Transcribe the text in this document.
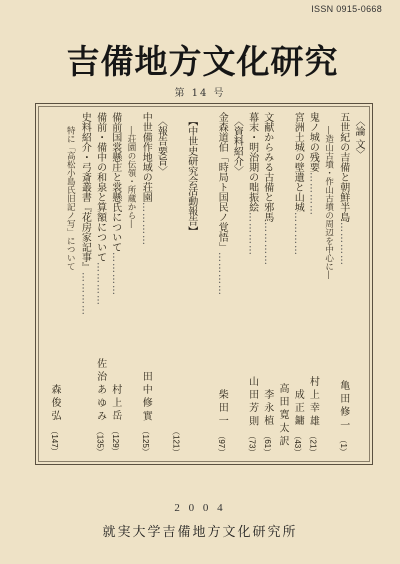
ISSN 0915-0668
吉備地方文化研究
第 14 号
〈論 文〉
五世紀の吉備と朝鮮半島…………
亀 田 修 一　（1）
―造山古墳・作山古墳の周辺を中心に―
鬼ノ城の残要…………
村 上 幸 雄　（21）
宮洲土城の壁遺と山城…………
成 正 鏞　（43）
高 田 寛 太 訳　
文献からみる古備と邪馬…………
李 永 植　（61）
幕末・明治期の咄振絵…………
山 田 芳 則　（73）
〈資料紹介〉
金森道伯「時局ト国民ノ覚悟」…………
柴 田 一　（97）
【中世史研究会活動報告】
　（121）
〈報告要旨〉
中世備作地域の荘園…………
田 中 修 實　（125）
―荘園の伝領・所蔵から―
備前国裳懸庄と裳懸氏について…………
村 上 岳　（129）
備前・備中の和泉と算額について…………
佐 治 あ ゆ み　（135）
史料紹介・弓斎叢書『花房家記事』…………

特に「高松小島氏旧記ノ写」について
森 俊 弘　（147）
2 0 0 4
就実大学吉備地方文化研究所
